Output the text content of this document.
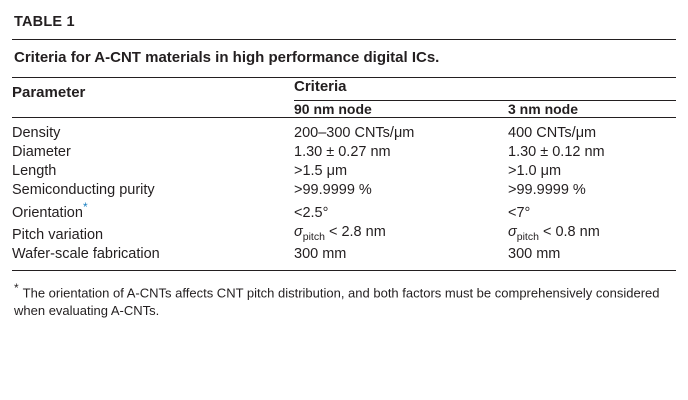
TABLE 1
Criteria for A-CNT materials in high performance digital ICs.
Parameter	Criteria	

	90 nm node	3 nm node
Density	200–300 CNTs/μm	400 CNTs/μm
Diameter	1.30 ± 0.27 nm	1.30 ± 0.12 nm
Length	>1.5 μm	>1.0 μm
Semiconducting purity	>99.9999 %	>99.9999 %
Orientation*	<2.5°	<7°
Pitch variation	$\sigma_{pitch} < 2.8$ nm	$\sigma_{pitch} < 0.8$ nm
Wafer-scale fabrication	300 mm	300 mm
* The orientation of A-CNTs affects CNT pitch distribution, and both factors must be comprehensively considered when evaluating A-CNTs.
